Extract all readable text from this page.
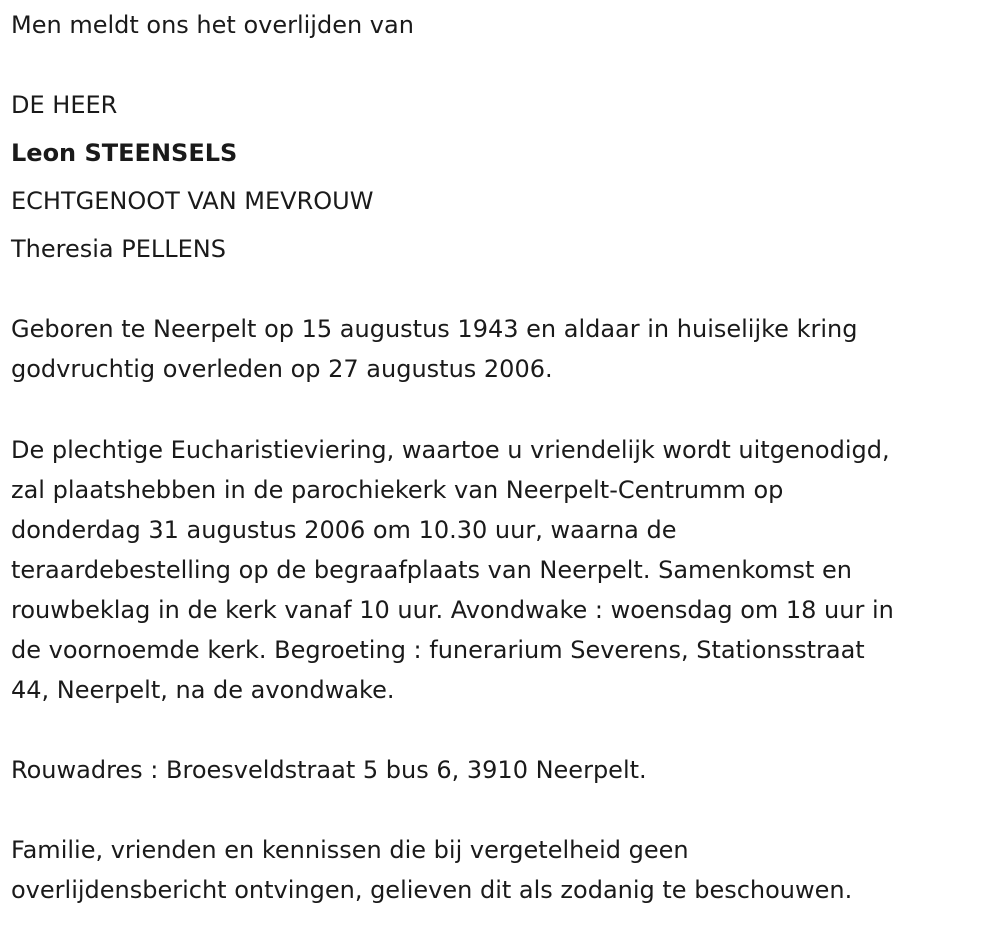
Men meldt ons het overlijden van
DE HEER
Leon STEENSELS
ECHTGENOOT VAN MEVROUW
Theresia PELLENS
Geboren te Neerpelt op 15 augustus 1943 en aldaar in huiselijke kring
godvruchtig overleden op 27 augustus 2006.
De plechtige Eucharistieviering, waartoe u vriendelijk wordt uitgenodigd,
zal plaatshebben in de parochiekerk van Neerpelt-Centrumm op
donderdag 31 augustus 2006 om 10.30 uur, waarna de
teraardebestelling op de begraafplaats van Neerpelt. Samenkomst en
rouwbeklag in de kerk vanaf 10 uur. Avondwake : woensdag om 18 uur in
de voornoemde kerk. Begroeting : funerarium Severens, Stationsstraat
44, Neerpelt, na de avondwake.
Rouwadres : Broesveldstraat 5 bus 6, 3910 Neerpelt.
Familie, vrienden en kennissen die bij vergetelheid geen
overlijdensbericht ontvingen, gelieven dit als zodanig te beschouwen.
